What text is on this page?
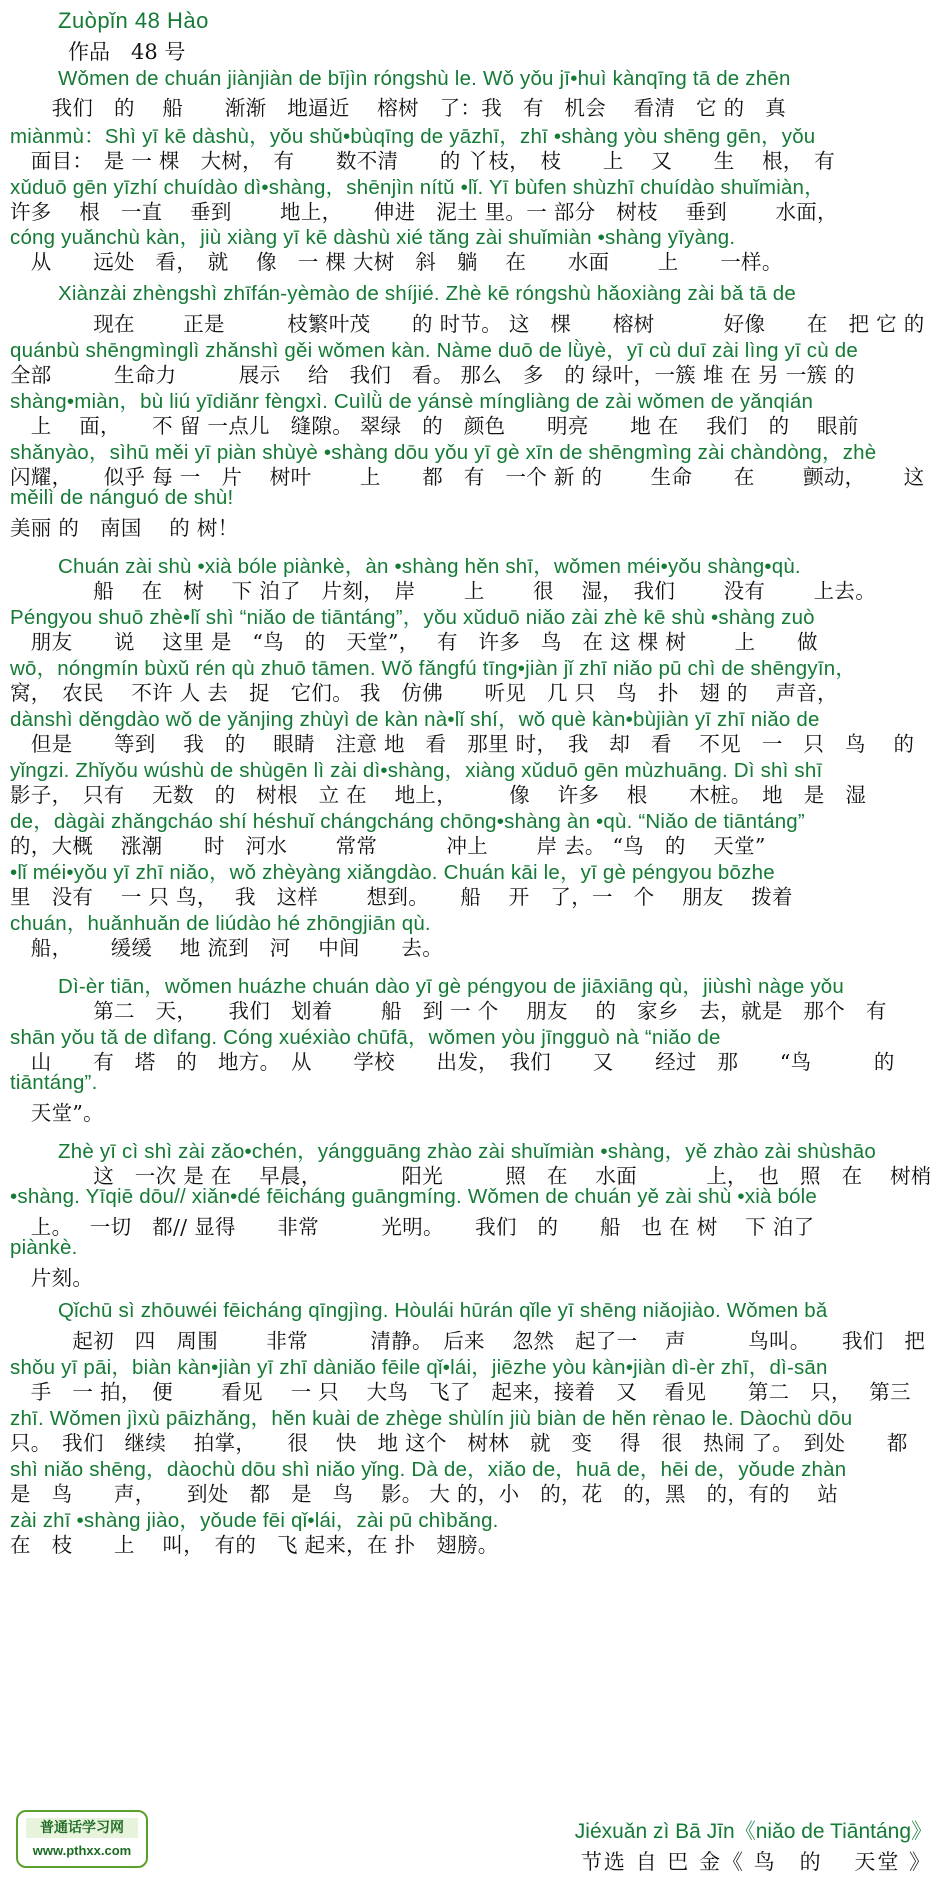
Zuòpǐn 48 Hào
作品　48 号
Wǒmen de chuán jiànjiàn de bījìn róngshù le. Wǒ yǒu jī•huì kànqīng tā de zhēn
　　我们　的　 船　　渐渐　地逼近　 榕树　了：我　有　机会　 看清　它 的　真
miànmù：Shì yī kē dàshù，yǒu shǔ•bùqīng de yāzhī，zhī •shàng yòu shēng gēn，yǒu
　面目：　是 一 棵　大树，　有　　数不清　　的 丫枝，　枝　　上　 又　　生　 根，　有
xǔduō gēn yīzhí chuídào dì•shàng，shēnjìn nítǔ •lǐ. Yī bùfen shùzhī chuídào shuǐmiàn，
许多　 根　一直　 垂到　　 地上，　　伸进　泥土 里。一 部分　树枝　 垂到　　 水面，
cóng yuǎnchù kàn，jiù xiàng yī kē dàshù xié tǎng zài shuǐmiàn •shàng yīyàng.
　从　　远处　看，　就　 像　一 棵 大树　斜　躺　 在　　水面　　 上　　一样。
Xiànzài zhèngshì zhīfán-yèmào de shíjié. Zhè kē róngshù hǎoxiàng zài bǎ tā de
　　　　现在　　 正是　　　枝繁叶茂　　的 时节。 这　棵　　榕树　　　 好像　　在　把 它 的
quánbù shēngmìnglì zhǎnshì gěi wǒmen kàn. Nàme duō de lǜyè，yī cù duī zài lìng yī cù de
全部　　　生命力　　　展示　 给　我们　看。 那么　多　的 绿叶，一簇 堆 在 另 一簇 的
shàng•miàn，bù liú yīdiǎnr fèngxì. Cuìlǜ de yánsè míngliàng de zài wǒmen de yǎnqián
　上　 面，　　不 留 一点儿　缝隙。 翠绿　的　颜色　　明亮　　地 在　 我们　的　 眼前
shǎnyào，sìhū měi yī piàn shùyè •shàng dōu yǒu yī gè xīn de shēngmìng zài chàndòng，zhè
闪耀，　　似乎 每 一　片　 树叶　　 上　　都　有　一个 新 的　　 生命　　在　　 颤动，　　 这
měilì de nánguó de shù!
美丽 的　南国　 的 树！
Chuán zài shù •xià bóle piànkè，àn •shàng hěn shī，wǒmen méi•yǒu shàng•qù.
　　　　船　 在　树　 下 泊了　片刻，　岸　　 上　　 很　 湿，　我们　　 没有　　 上去。
Péngyou shuō zhè•lǐ shì “niǎo de tiāntáng”，yǒu xǔduō niǎo zài zhè kē shù •shàng zuò
　朋友　　说　 这里 是　“鸟　的　天堂”，　 有　许多　鸟　在 这 棵 树　　 上　　做
wō，nóngmín bùxǔ rén qù zhuō tāmen. Wǒ fǎngfú tīng•jiàn jǐ zhī niǎo pū chì de shēngyīn，
窝，　农民　 不许 人 去　捉　它们。 我　仿佛　　听见　几 只　鸟　扑　翅 的　 声音，
dànshì děngdào wǒ de yǎnjing zhùyì de kàn nà•lǐ shí，wǒ què kàn•bùjiàn yī zhī niǎo de
　但是　　等到　 我　的　 眼睛　注意 地　看　那里 时，　我　却　看　 不见　一　只　鸟　 的
yǐngzi. Zhǐyǒu wúshù de shùgēn lì zài dì•shàng，xiàng xǔduō gēn mùzhuāng. Dì shì shī
影子，　只有　 无数　的　树根　立 在　 地上，　　　像　 许多　 根　　木桩。　地　是　湿
de，dàgài zhǎngcháo shí héshuǐ chángcháng chōng•shàng àn •qù. “Niǎo de tiāntáng”
的，大概　 涨潮　　时　河水　　 常常　　　 冲上　　 岸 去。 “鸟　的　 天堂”
•lǐ méi•yǒu yī zhī niǎo，wǒ zhèyàng xiǎngdào. Chuán kāi le，yī gè péngyou bōzhe
里　没有　 一 只 鸟，　 我　这样　　 想到。　　船　 开　了，一　个　 朋友　 拨着
chuán，huǎnhuǎn de liúdào hé zhōngjiān qù.
　船，　　 缓缓　 地 流到　河　 中间　　去。
Dì-èr tiān，wǒmen huázhe chuán dào yī gè péngyou de jiāxiāng qù，jiùshì nàge yǒu
　　　　第二　天，　　我们　划着　　 船　到 一 个　 朋友　 的　家乡　去，就是　那个　有
shān yǒu tǎ de dìfang. Cóng xuéxiào chūfā，wǒmen yòu jīngguò nà “niǎo de
　山　　有　塔　的　地方。　从　　学校　　出发，　我们　　又　　经过　那　　“鸟　　　的
tiāntáng”.
　天堂”。
Zhè yī cì shì zài zǎo•chén，yángguāng zhào zài shuǐmiàn •shàng，yě zhào zài shùshāo
　　　　这　一次 是 在　 早晨，　　　　 阳光　　　照　在　 水面　　　 上，　也　照　在　 树梢
•shàng. Yīqiē dōu// xiǎn•dé fēicháng guāngmíng. Wǒmen de chuán yě zài shù •xià bóle
　上。　 一切　都// 显得　　非常　　　光明。　　我们　的　　船　也 在 树　 下 泊了
piànkè.
　片刻。
Qǐchū sì zhōuwéi fēicháng qīngjìng. Hòulái hūrán qǐle yī shēng niǎojiào. Wǒmen bǎ
　　　起初　四　周围　　 非常　　　清静。　后来　 忽然　起了一　 声　　　鸟叫。　　我们　把
shǒu yī pāi，biàn kàn•jiàn yī zhī dàniǎo fēile qǐ•lái，jiēzhe yòu kàn•jiàn dì-èr zhī，dì-sān
　手　一 拍，　便　　 看见　 一 只　 大鸟　飞了　起来，接着　又　 看见　　第二　只，　 第三
zhī. Wǒmen jìxù pāizhǎng，hěn kuài de zhège shùlín jiù biàn de hěn rènao le. Dàochù dōu
只。　我们　继续　 拍掌，　　很　 快　地 这个　树林　就　变　 得　很　热闹 了。　到处　　都
shì niǎo shēng，dàochù dōu shì niǎo yǐng. Dà de，xiǎo de，huā de，hēi de，yǒude zhàn
是　鸟　　声，　　到处　都　是　鸟　 影。 大 的，小　的，花　的，黑　的，有的　 站
zài zhī •shàng jiào，yǒude fēi qǐ•lái，zài pū chìbǎng.
在　枝　　上　 叫，　有的　飞 起来，在 扑　翅膀。
普通话学习网
www.pthxx.com
Jiéxuǎn zì Bā Jīn《niǎo de Tiāntáng》
节选 自 巴 金《 鸟　的　 天堂 》
